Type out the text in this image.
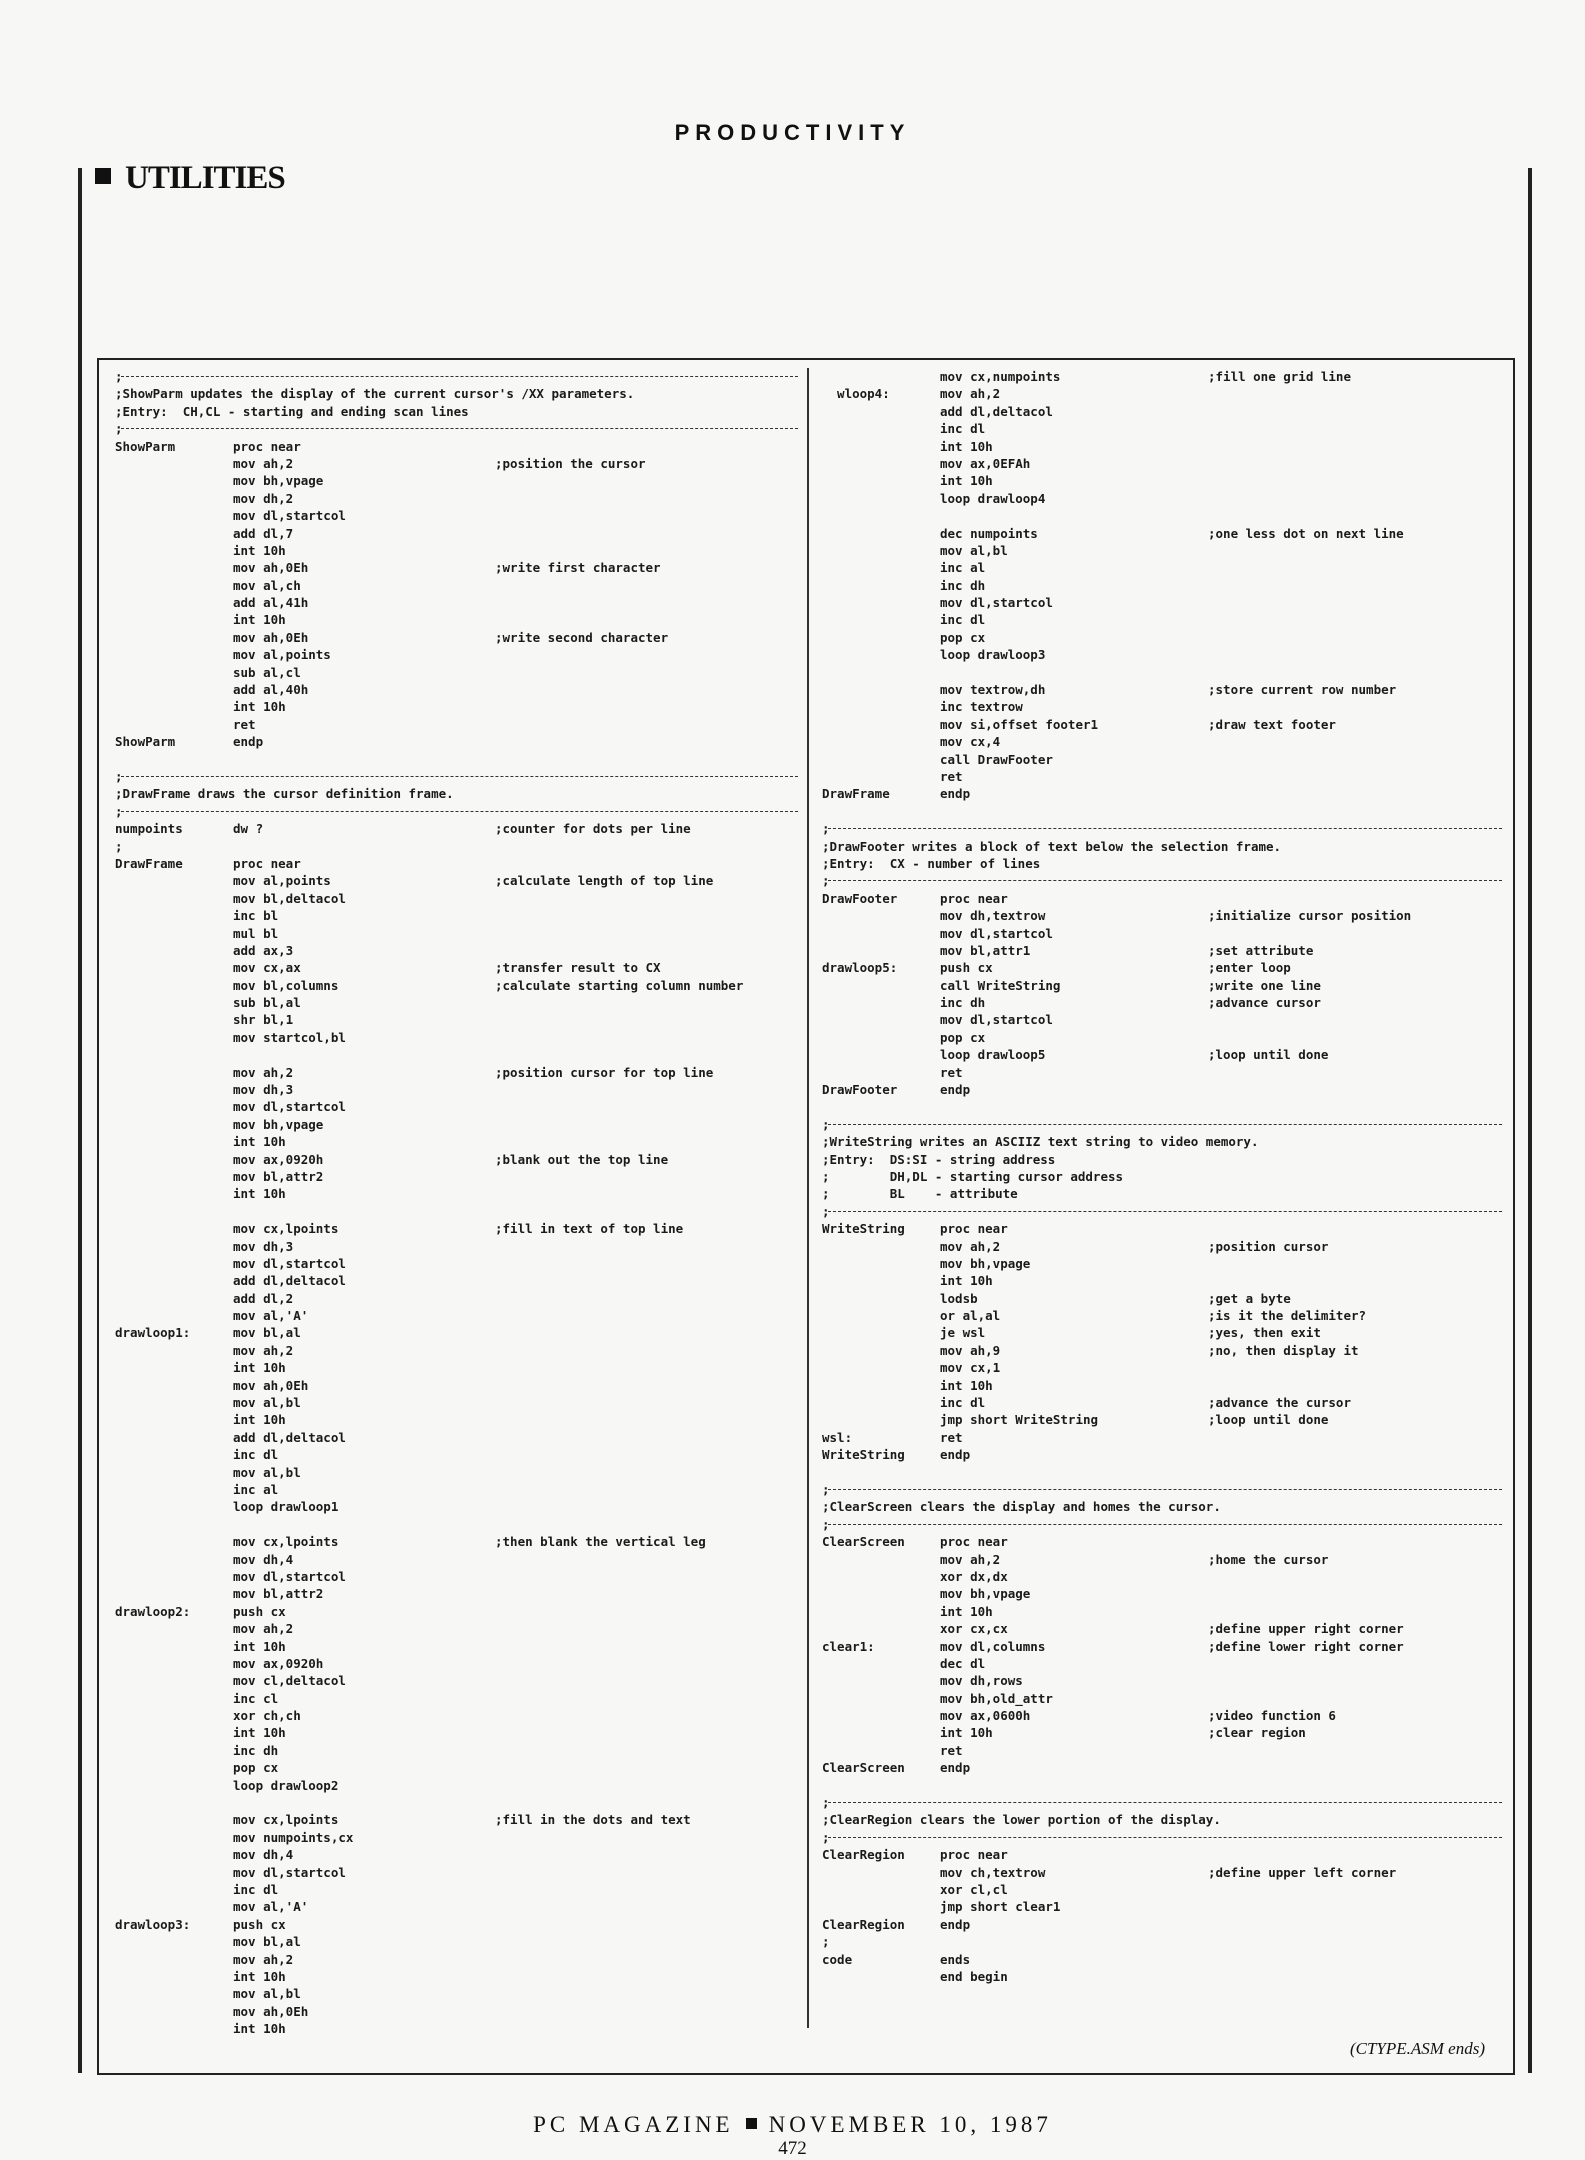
PRODUCTIVITY
UTILITIES
;
;ShowParm updates the display of the current cursor's /XX parameters.
;Entry:  CH,CL - starting and ending scan lines
;
ShowParm	proc near
mov ah,2	;position the cursor
mov bh,vpage
mov dh,2
mov dl,startcol
add dl,7
int 10h
mov ah,0Eh	;write first character
mov al,ch
add al,41h
int 10h
mov ah,0Eh	;write second character
mov al,points
sub al,cl
add al,40h
int 10h
ret
ShowParm	endp
;
;DrawFrame draws the cursor definition frame.
;
numpoints	dw ?	;counter for dots per line
;
DrawFrame	proc near
mov al,points	;calculate length of top line
mov bl,deltacol
inc bl
mul bl
add ax,3
mov cx,ax	;transfer result to CX
mov bl,columns	;calculate starting column number
sub bl,al
shr bl,1
mov startcol,bl
mov ah,2	;position cursor for top line
mov dh,3
mov dl,startcol
mov bh,vpage
int 10h
mov ax,0920h	;blank out the top line
mov bl,attr2
int 10h
mov cx,lpoints	;fill in text of top line
mov dh,3
mov dl,startcol
add dl,deltacol
add dl,2
mov al,'A'
drawloop1:	mov bl,al
mov ah,2
int 10h
mov ah,0Eh
mov al,bl
int 10h
add dl,deltacol
inc dl
mov al,bl
inc al
loop drawloop1
mov cx,lpoints	;then blank the vertical leg
mov dh,4
mov dl,startcol
mov bl,attr2
drawloop2:	push cx
mov ah,2
int 10h
mov ax,0920h
mov cl,deltacol
inc cl
xor ch,ch
int 10h
inc dh
pop cx
loop drawloop2
mov cx,lpoints	;fill in the dots and text
mov numpoints,cx
mov dh,4
mov dl,startcol
inc dl
mov al,'A'
drawloop3:	push cx
mov bl,al
mov ah,2
int 10h
mov al,bl
mov ah,0Eh
int 10h
mov cx,numpoints	;fill one grid line
wloop4:	mov ah,2
add dl,deltacol
inc dl
int 10h
mov ax,0EFAh
int 10h
loop drawloop4
dec numpoints	;one less dot on next line
mov al,bl
inc al
inc dh
mov dl,startcol
inc dl
pop cx
loop drawloop3
mov textrow,dh	;store current row number
inc textrow
mov si,offset footer1	;draw text footer
mov cx,4
call DrawFooter
ret
DrawFrame	endp
;
;DrawFooter writes a block of text below the selection frame.
;Entry:  CX - number of lines
;
DrawFooter	proc near
mov dh,textrow	;initialize cursor position
mov dl,startcol
mov bl,attr1	;set attribute
drawloop5:	push cx	;enter loop
call WriteString	;write one line
inc dh	;advance cursor
mov dl,startcol
pop cx
loop drawloop5	;loop until done
ret
DrawFooter	endp
;
;WriteString writes an ASCIIZ text string to video memory.
;Entry:  DS:SI - string address
;        DH,DL - starting cursor address
;        BL    - attribute
;
WriteString	proc near
mov ah,2	;position cursor
mov bh,vpage
int 10h
lodsb	;get a byte
or al,al	;is it the delimiter?
je wsl	;yes, then exit
mov ah,9	;no, then display it
mov cx,1
int 10h
inc dl	;advance the cursor
jmp short WriteString	;loop until done
wsl:	ret
WriteString	endp
;
;ClearScreen clears the display and homes the cursor.
;
ClearScreen	proc near
mov ah,2	;home the cursor
xor dx,dx
mov bh,vpage
int 10h
xor cx,cx	;define upper right corner
clear1:	mov dl,columns	;define lower right corner
dec dl
mov dh,rows
mov bh,old_attr
mov ax,0600h	;video function 6
int 10h	;clear region
ret
ClearScreen	endp
;
;ClearRegion clears the lower portion of the display.
;
ClearRegion	proc near
mov ch,textrow	;define upper left corner
xor cl,cl
jmp short clear1
ClearRegion	endp
;
code	ends
end begin
(CTYPE.ASM ends)
PC MAGAZINE NOVEMBER 10, 1987
472
